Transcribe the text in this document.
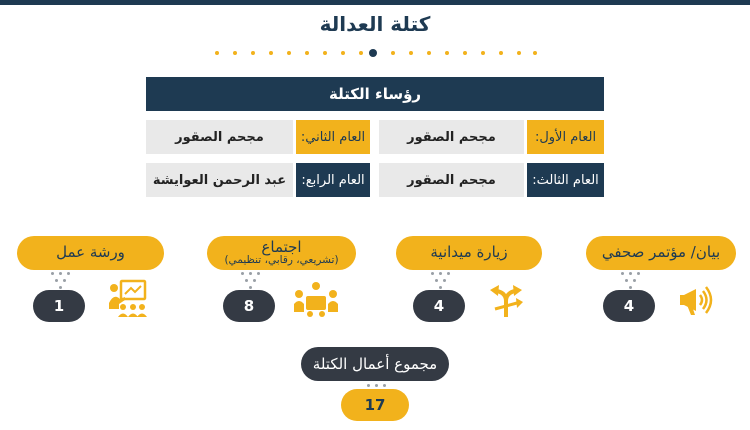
كتلة العدالة
رؤساء الكتلة
العام الأول:
مجحم الصقور
العام الثاني:
مجحم الصقور
العام الثالث:
مجحم الصقور
العام الرابع:
عبد الرحمن العوايشة
بيان/ مؤتمر صحفي
4
زيارة ميدانية
4
اجتماع
(تشريعي، رقابي، تنظيمي)
8
ورشة عمل
1
مجموع أعمال الكتلة
17
